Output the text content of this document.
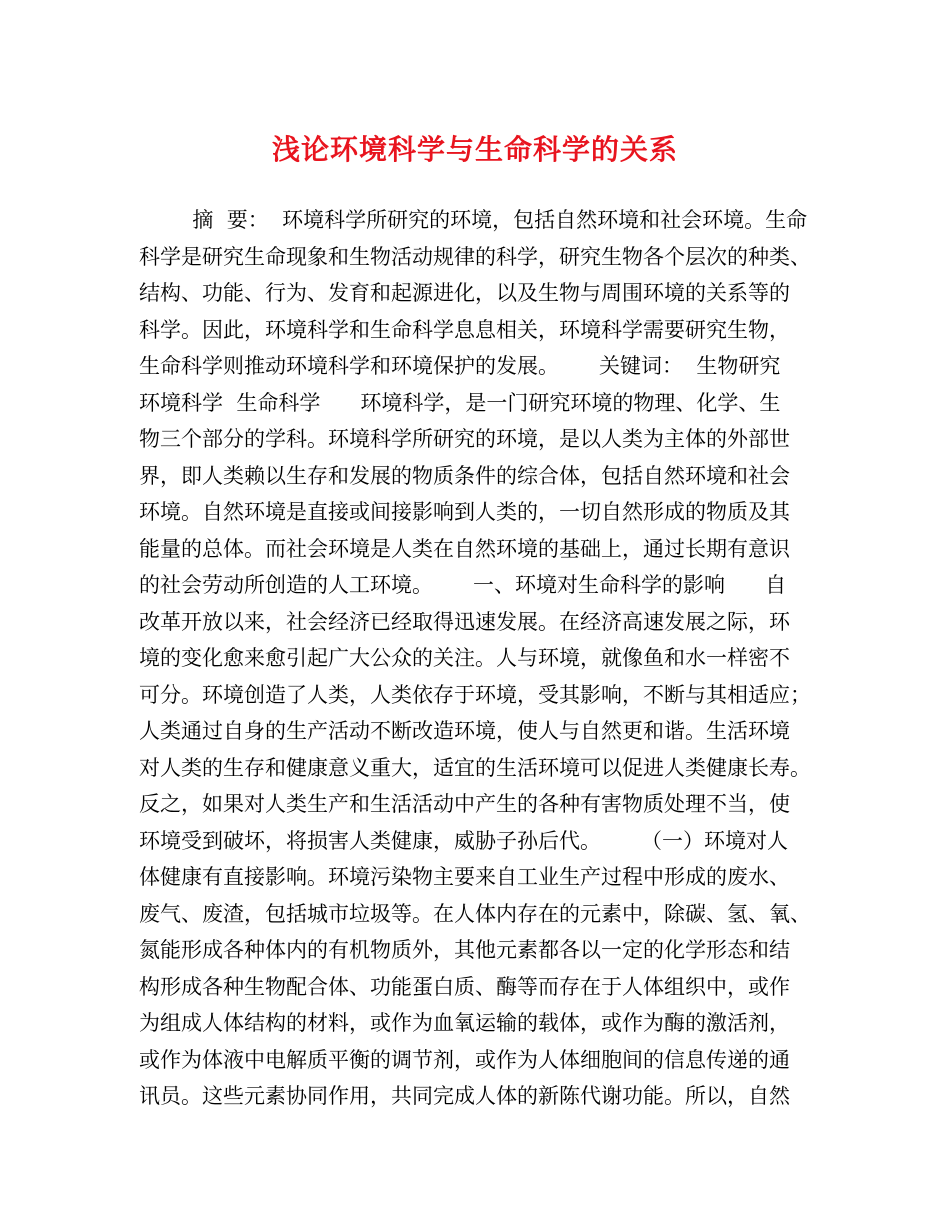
浅论环境科学与生命科学的关系
摘  要：  环境科学所研究的环境，包括自然环境和社会环境。生命
科学是研究生命现象和生物活动规律的科学，研究生物各个层次的种类、
结构、功能、行为、发育和起源进化，以及生物与周围环境的关系等的
科学。因此，环境科学和生命科学息息相关，环境科学需要研究生物，
生命科学则推动环境科学和环境保护的发展。      关键词：  生物研究
环境科学  生命科学      环境科学，是一门研究环境的物理、化学、生
物三个部分的学科。环境科学所研究的环境，是以人类为主体的外部世
界，即人类赖以生存和发展的物质条件的综合体，包括自然环境和社会
环境。自然环境是直接或间接影响到人类的，一切自然形成的物质及其
能量的总体。而社会环境是人类在自然环境的基础上，通过长期有意识
的社会劳动所创造的人工环境。      一、环境对生命科学的影响      自
改革开放以来，社会经济已经取得迅速发展。在经济高速发展之际，环
境的变化愈来愈引起广大公众的关注。人与环境，就像鱼和水一样密不
可分。环境创造了人类，人类依存于环境，受其影响，不断与其相适应；
人类通过自身的生产活动不断改造环境，使人与自然更和谐。生活环境
对人类的生存和健康意义重大，适宜的生活环境可以促进人类健康长寿。
反之，如果对人类生产和生活活动中产生的各种有害物质处理不当，使
环境受到破坏，将损害人类健康，威胁子孙后代。      （一）环境对人
体健康有直接影响。环境污染物主要来自工业生产过程中形成的废水、
废气、废渣，包括城市垃圾等。在人体内存在的元素中，除碳、氢、氧、
氮能形成各种体内的有机物质外，其他元素都各以一定的化学形态和结
构形成各种生物配合体、功能蛋白质、酶等而存在于人体组织中，或作
为组成人体结构的材料，或作为血氧运输的载体，或作为酶的激活剂，
或作为体液中电解质平衡的调节剂，或作为人体细胞间的信息传递的通
讯员。这些元素协同作用，共同完成人体的新陈代谢功能。所以，自然
